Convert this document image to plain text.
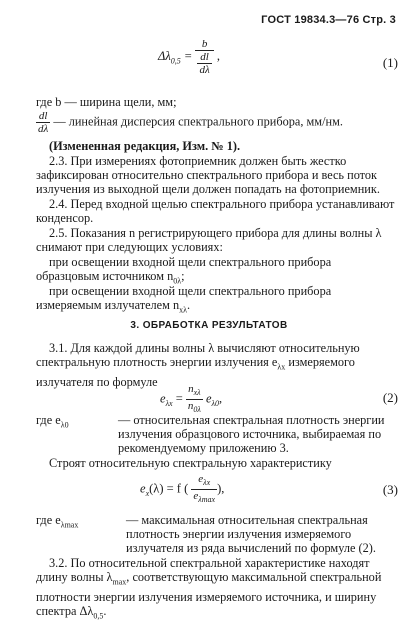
ГОСТ 19834.3—76 Стр. 3
$\Delta\lambda_{0,5} = \frac{b}{\frac{dl}{d\lambda}}$ ,	(1)
где b — ширина щели, мм;
$\frac{dl}{d\lambda}$ — линейная дисперсия спектрального прибора, мм/нм.
(Измененная редакция, Изм. № 1).
2.3. При измерениях фотоприемник должен быть жестко зафиксирован относительно спектрального прибора и весь поток излучения из выходной щели должен попадать на фотоприемник.
2.4. Перед входной щелью спектрального прибора устанавливают конденсор.
2.5. Показания n регистрирующего прибора для длины волны λ снимают при следующих условиях:
при освещении входной щели спектрального прибора образцовым источником $n_{0\lambda}$;
при освещении входной щели спектрального прибора измеряемым излучателем $n_{x\lambda}$.
3. ОБРАБОТКА РЕЗУЛЬТАТОВ
3.1. Для каждой длины волны λ вычисляют относительную спектральную плотность энергии излучения $e_{\lambda x}$ измеряемого излучателя по формуле
$e_{\lambda x} = \frac{n_{x\lambda}}{n_{0\lambda}} e_{\lambda 0}$,	(2)
где $e_{\lambda 0}$	— относительная спектральная плотность энергии излучения образцового источника, выбираемая по рекомендуемому приложению 3.
Строят относительную спектральную характеристику
$e_x(\lambda) = f$ ( $\frac{e_{\lambda x}}{e_{\lambda max}}$ ),	(3)
где $e_{\lambda max}$	— максимальная относительная спектральная плотность энергии излучения измеряемого излучателя из ряда вычислений по формуле (2).
3.2. По относительной спектральной характеристике находят длину волны $\lambda_{max}$, соответствующую максимальной спектральной плотности энергии излучения измеряемого источника, и ширину спектра $\Delta\lambda_{0,5}$.
